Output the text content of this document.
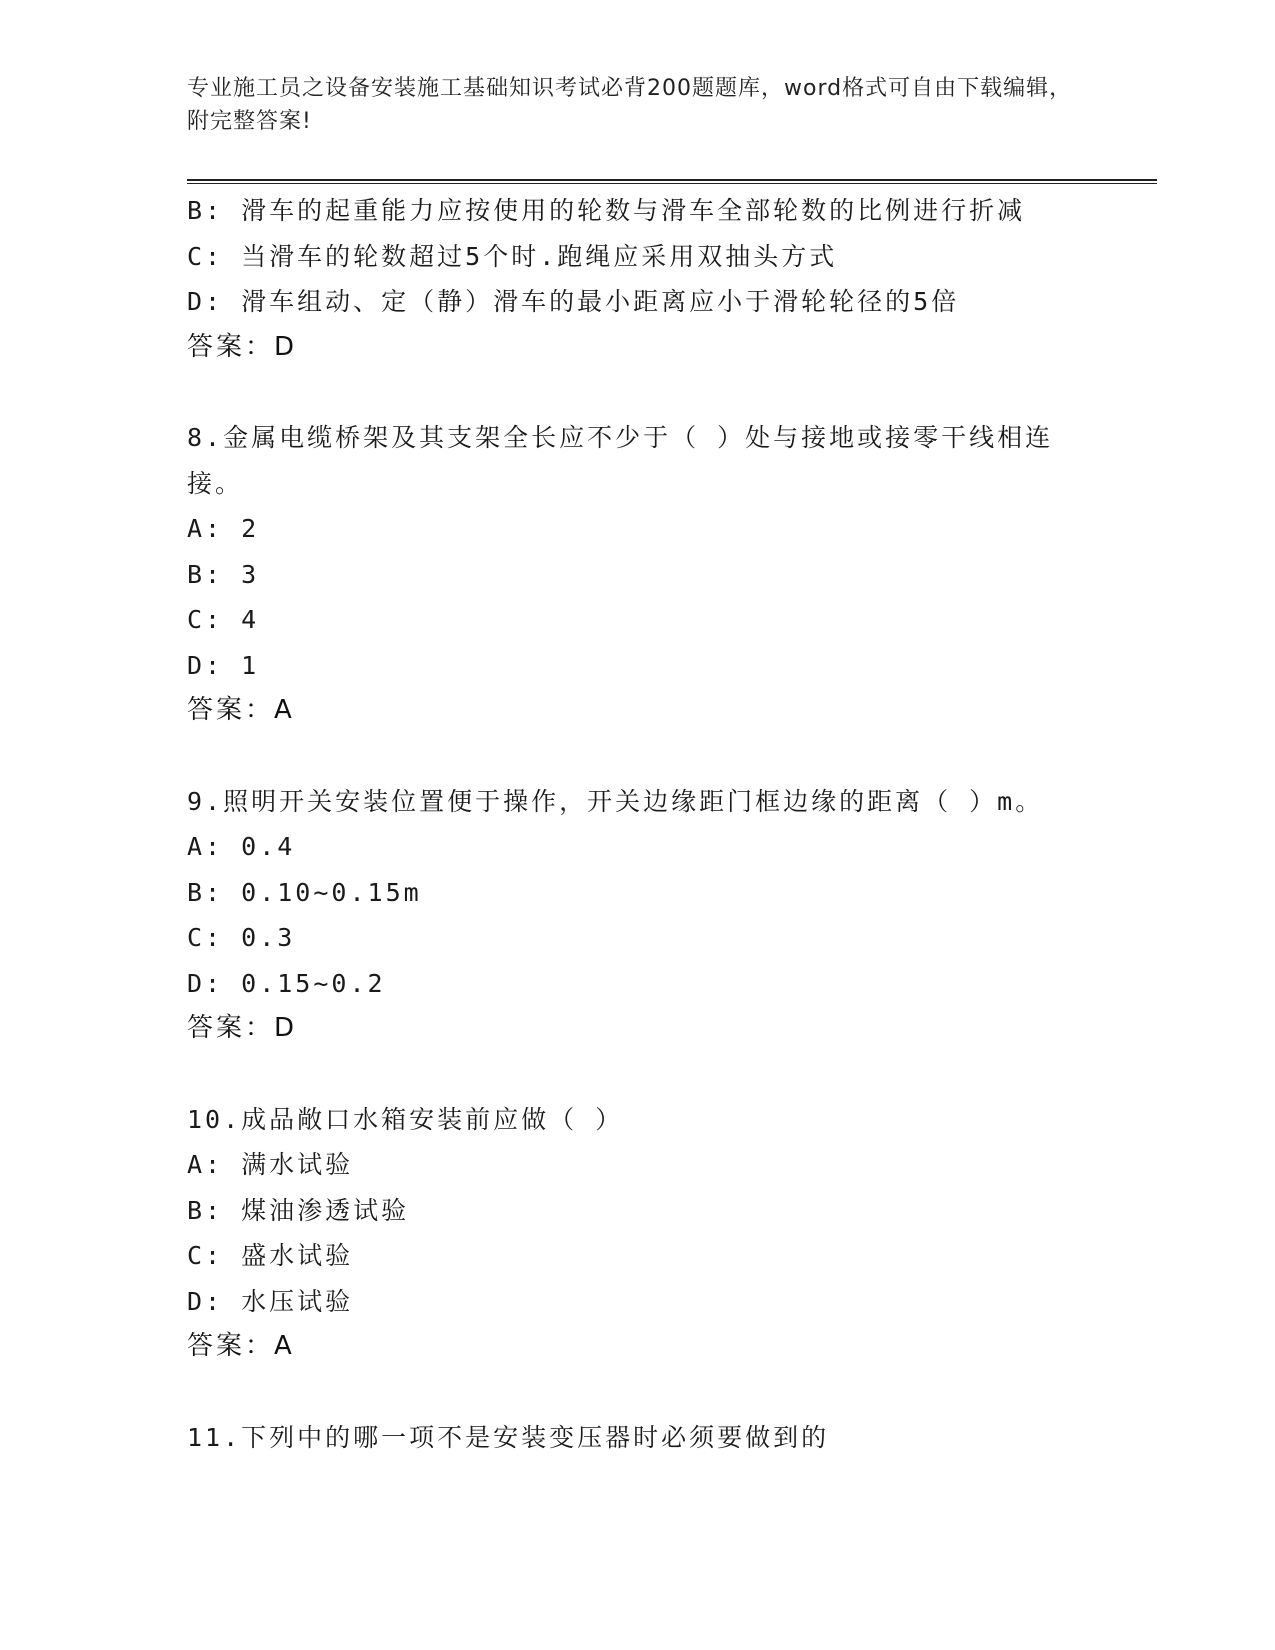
专业施工员之设备安装施工基础知识考试必背200题题库，word格式可自由下载编辑，附完整答案!
B: 滑车的起重能力应按使用的轮数与滑车全部轮数的比例进行折减
C: 当滑车的轮数超过5个时.跑绳应采用双抽头方式
D: 滑车组动、定（静）滑车的最小距离应小于滑轮轮径的5倍
答案：D
8.金属电缆桥架及其支架全长应不少于（ ）处与接地或接零干线相连
接。
A: 2
B: 3
C: 4
D: 1
答案：A
9.照明开关安装位置便于操作，开关边缘距门框边缘的距离（ ）m。
A: 0.4
B: 0.10~0.15m
C: 0.3
D: 0.15~0.2
答案：D
10.成品敞口水箱安装前应做（ ）
A: 满水试验
B: 煤油渗透试验
C: 盛水试验
D: 水压试验
答案：A
11.下列中的哪一项不是安装变压器时必须要做到的
